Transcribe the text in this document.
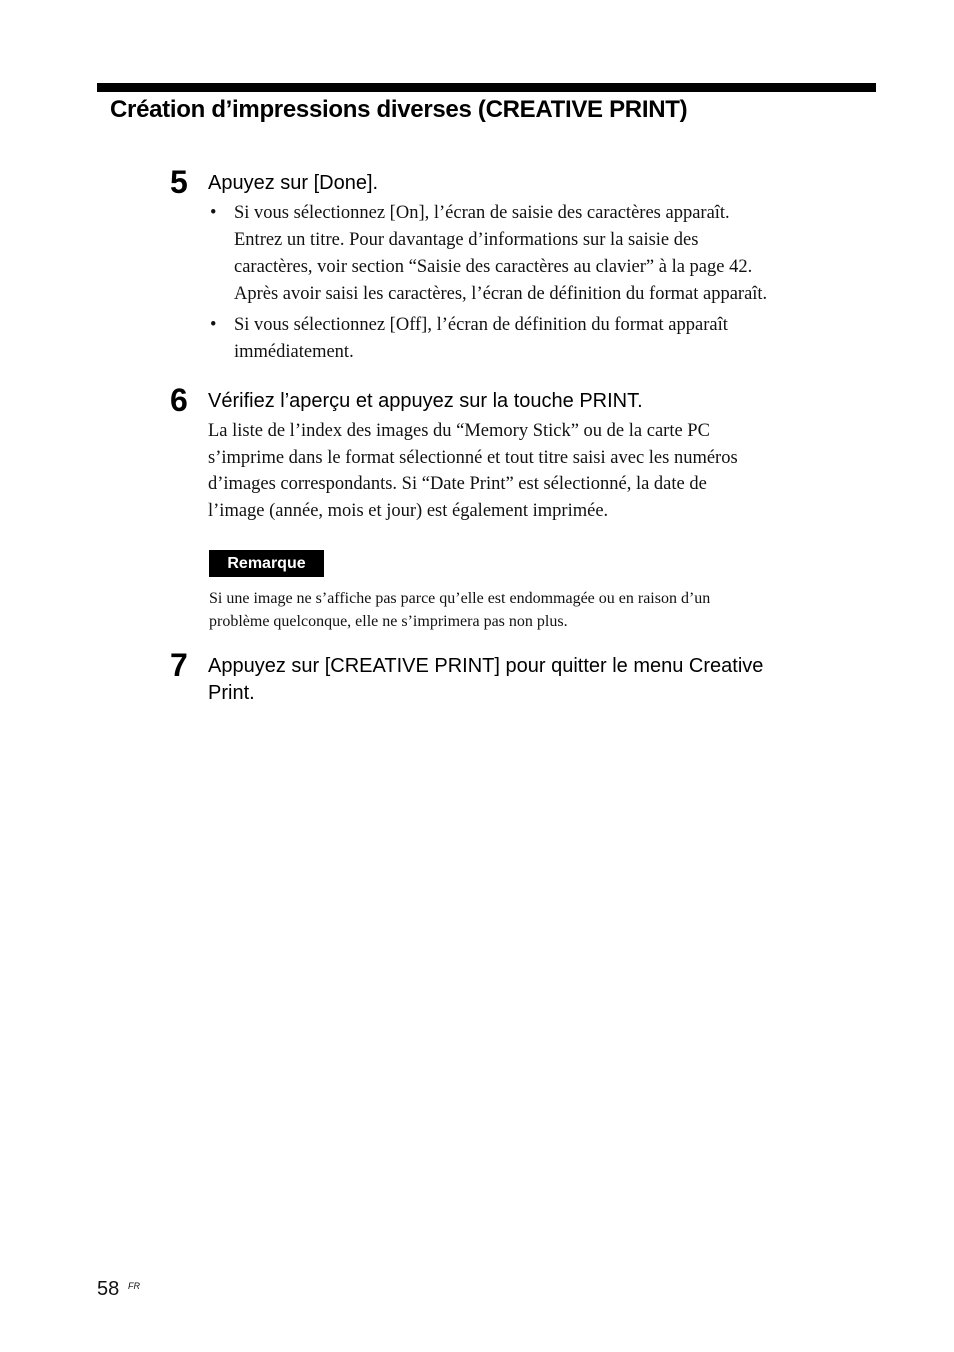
Création d’impressions diverses (CREATIVE PRINT)
5	Apuyez sur [Done].
• Si vous sélectionnez [On], l’écran de saisie des caractères apparaît.
Entrez un titre. Pour davantage d’informations sur la saisie des
caractères, voir section “Saisie des caractères au clavier” à la page 42.
Après avoir saisi les caractères, l’écran de définition du format apparaît.
• Si vous sélectionnez [Off], l’écran de définition du format apparaît
immédiatement.
6	Vérifiez l’aperçu et appuyez sur la touche PRINT.

La liste de l’index des images du “Memory Stick” ou de la carte PC
s’imprime dans le format sélectionné et tout titre saisi avec les numéros
d’images correspondants. Si “Date Print” est sélectionné, la date de
l’image (année, mois et jour) est également imprimée.

Remarque

Si une image ne s’affiche pas parce qu’elle est endommagée ou en raison d’un
problème quelconque, elle ne s’imprimera pas non plus.

7	Appuyez sur [CREATIVE PRINT] pour quitter le menu Creative
Print.
58 FR
